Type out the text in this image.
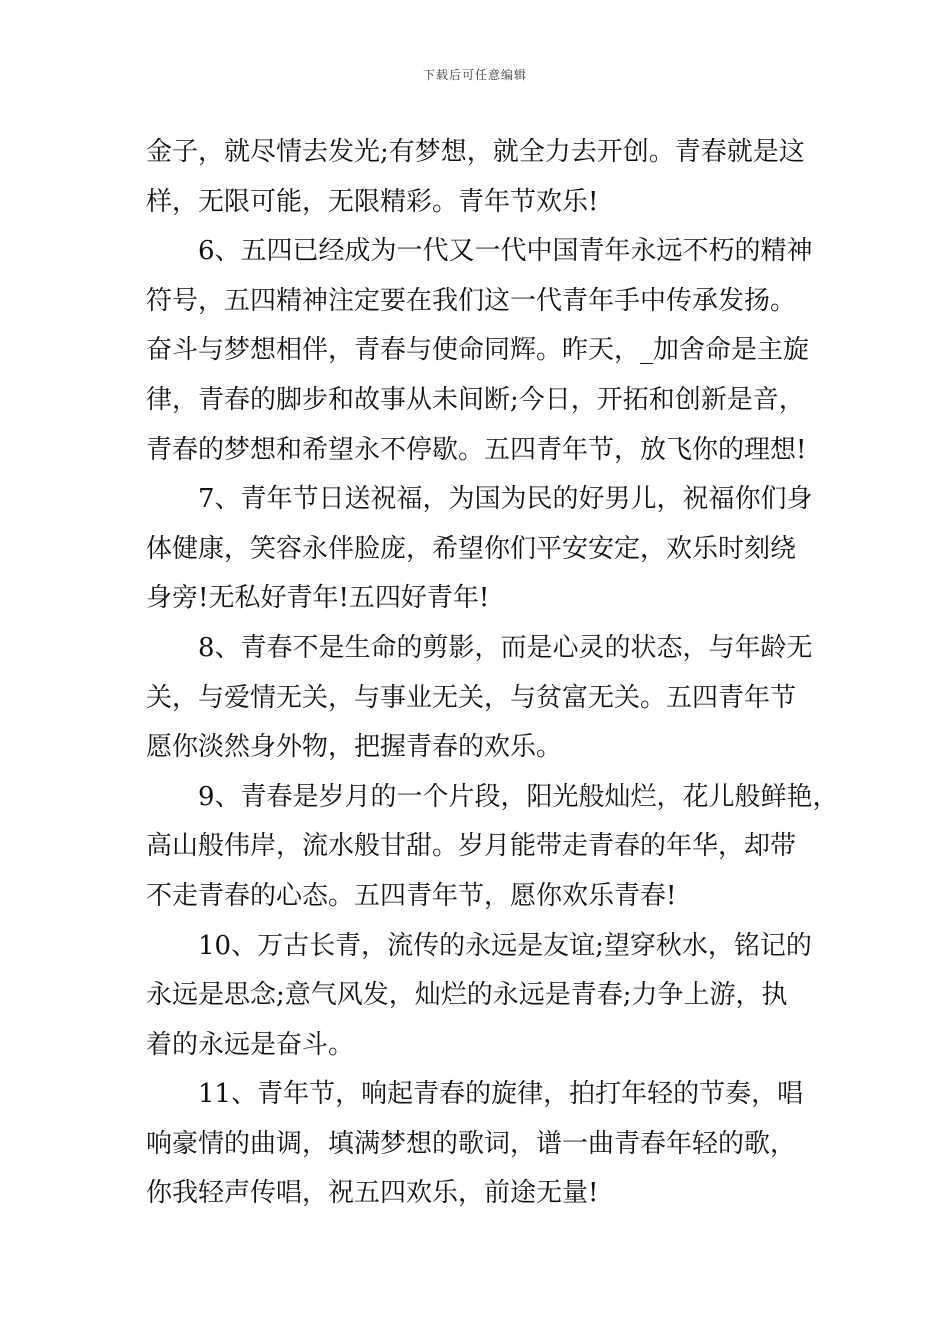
下载后可任意编辑
金子，就尽情去发光;有梦想，就全力去开创。青春就是这
样，无限可能，无限精彩。青年节欢乐!
6、五四已经成为一代又一代中国青年永远不朽的精神
符号，五四精神注定要在我们这一代青年手中传承发扬。
奋斗与梦想相伴，青春与使命同辉。昨天，_加舍命是主旋
律，青春的脚步和故事从未间断;今日，开拓和创新是音，
青春的梦想和希望永不停歇。五四青年节，放飞你的理想!
7、青年节日送祝福，为国为民的好男儿，祝福你们身
体健康，笑容永伴脸庞，希望你们平安安定，欢乐时刻绕
身旁!无私好青年!五四好青年!
8、青春不是生命的剪影，而是心灵的状态，与年龄无
关，与爱情无关，与事业无关，与贫富无关。五四青年节
愿你淡然身外物，把握青春的欢乐。
9、青春是岁月的一个片段，阳光般灿烂，花儿般鲜艳，
高山般伟岸，流水般甘甜。岁月能带走青春的年华，却带
不走青春的心态。五四青年节，愿你欢乐青春!
10、万古长青，流传的永远是友谊;望穿秋水，铭记的
永远是思念;意气风发，灿烂的永远是青春;力争上游，执
着的永远是奋斗。
11、青年节，响起青春的旋律，拍打年轻的节奏，唱
响豪情的曲调，填满梦想的歌词，谱一曲青春年轻的歌，
你我轻声传唱，祝五四欢乐，前途无量!
